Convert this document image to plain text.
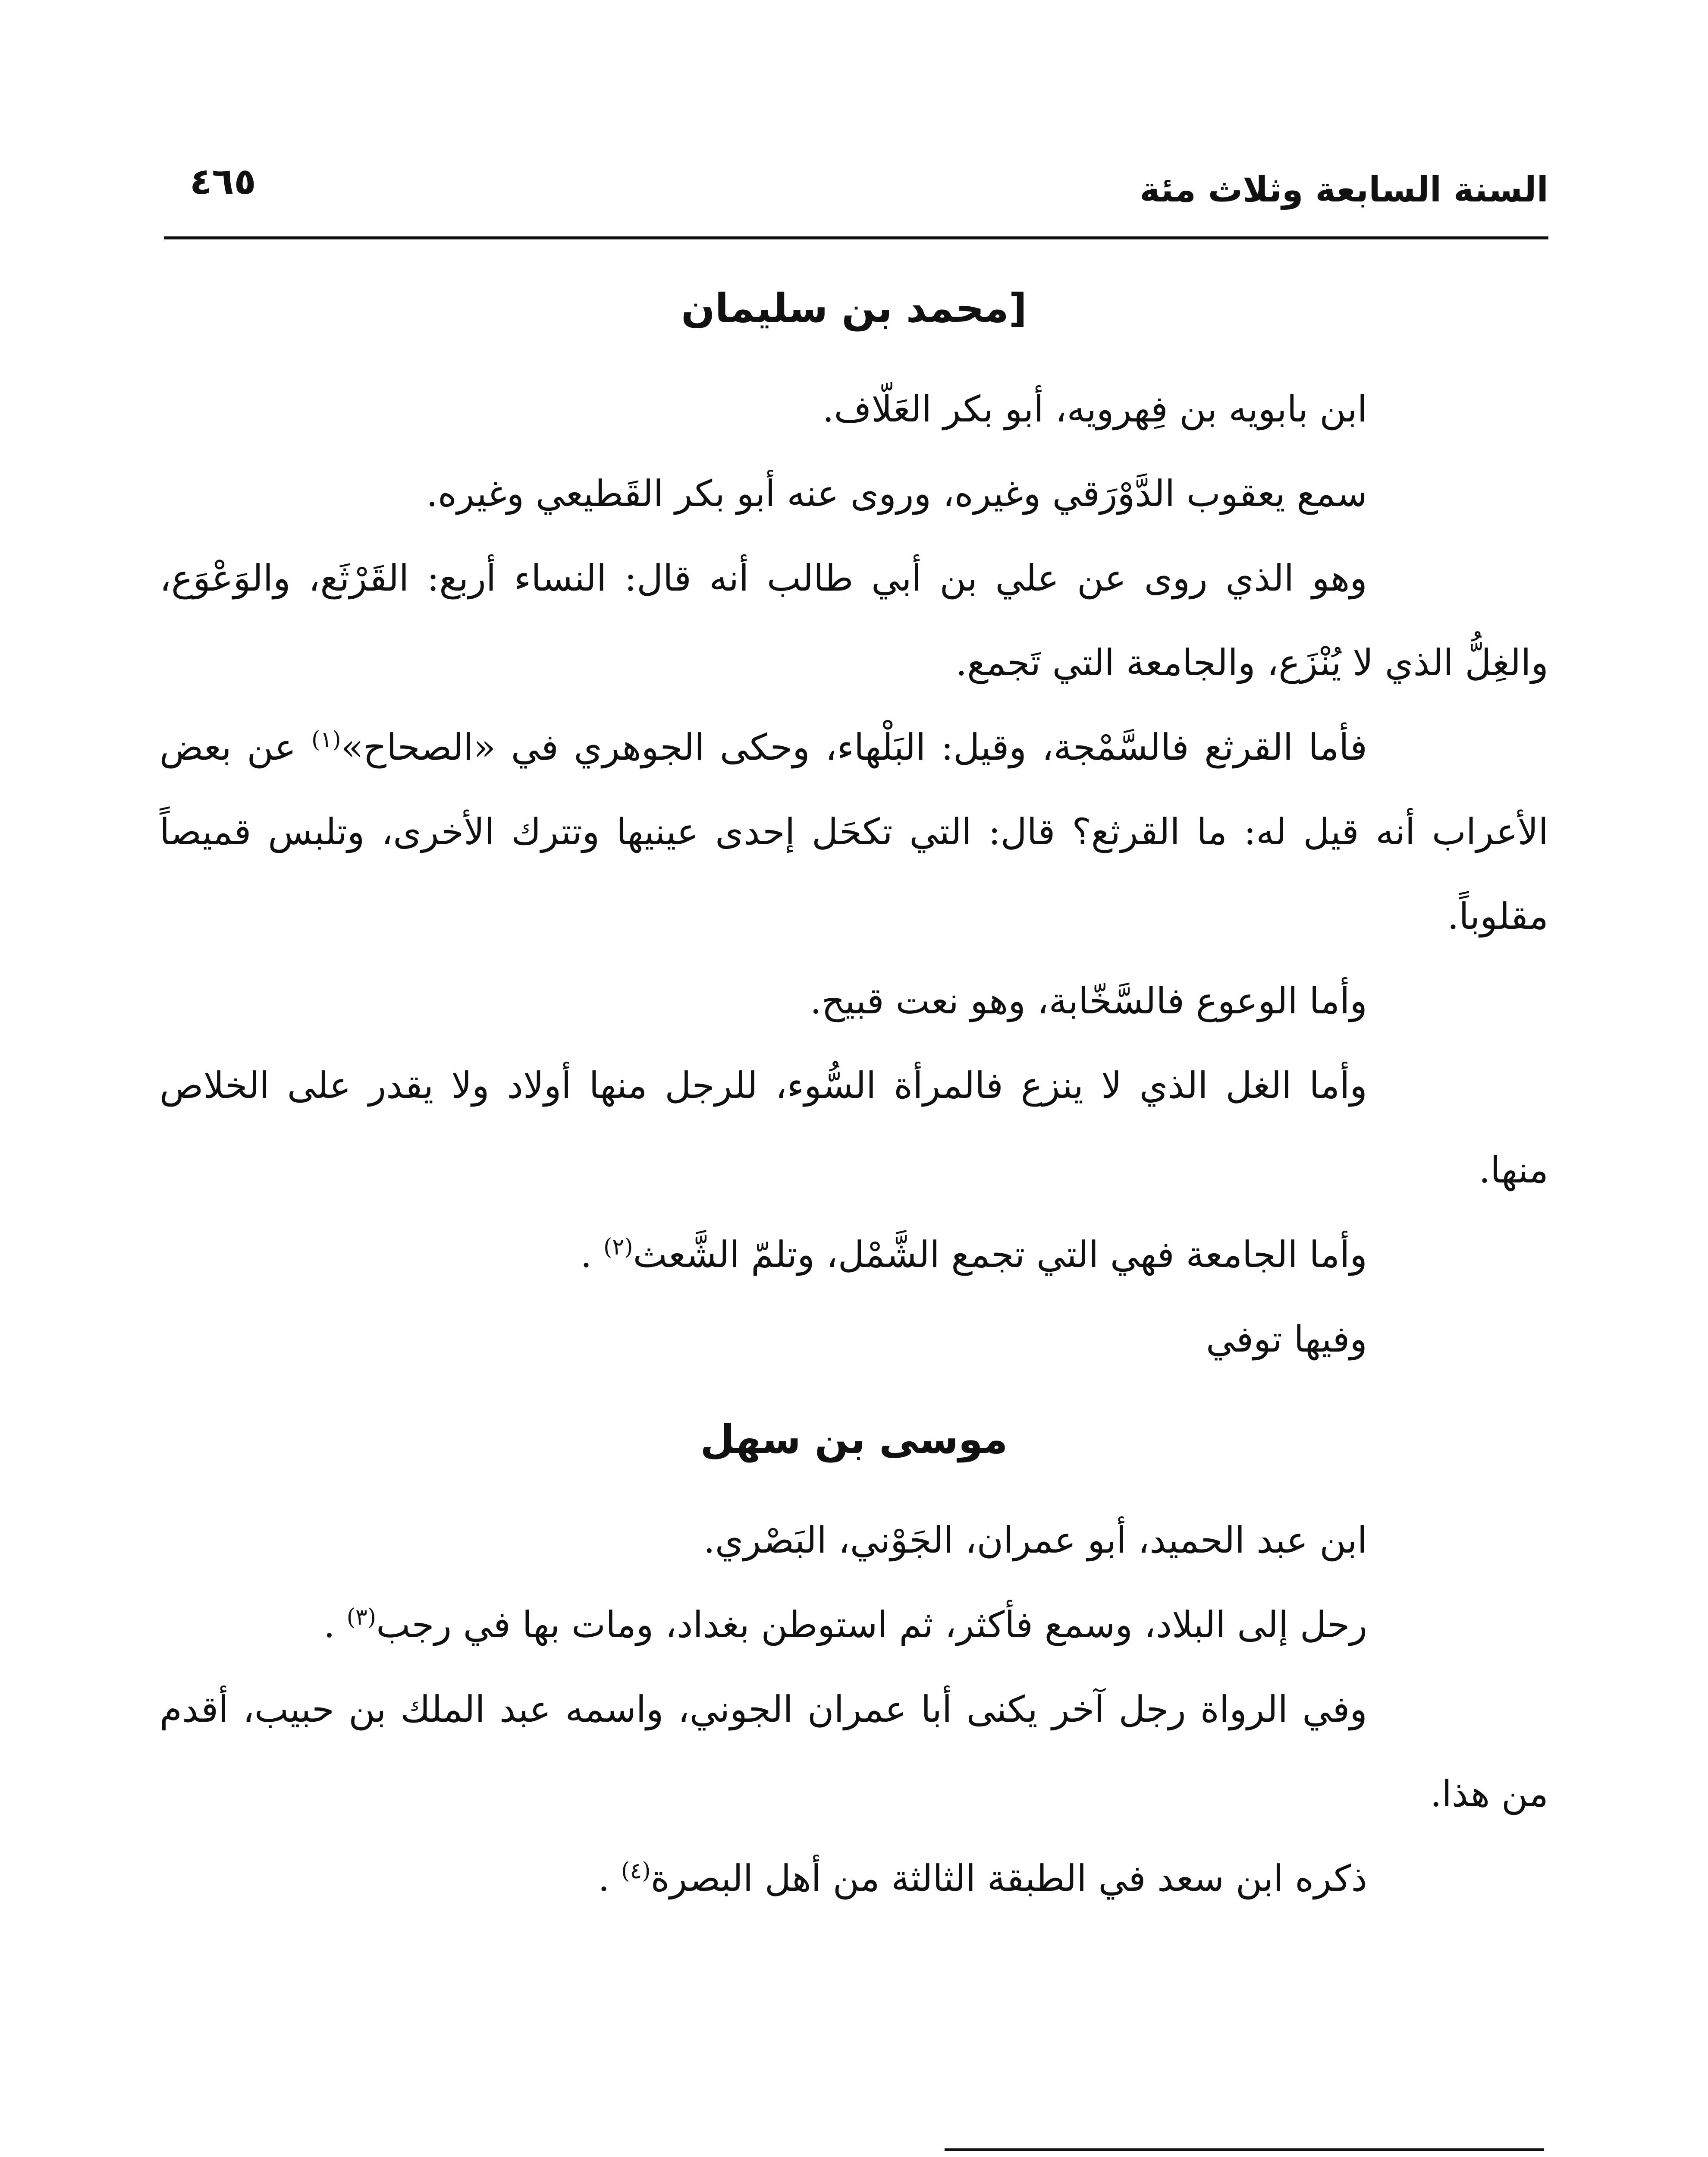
السنة السابعة وثلاث مئة
٤٦٥
[محمد بن سليمان

ابن بابويه بن فِهرويه، أبو بكر العَلّاف.

سمع يعقوب الدَّوْرَقي وغيره، وروى عنه أبو بكر القَطيعي وغيره.

وهو الذي روى عن علي بن أبي طالب أنه قال: النساء أربع: القَرْثَع، والوَعْوَع، والغِلُّ الذي لا يُنْزَع، والجامعة التي تَجمع.

فأما القرثع فالسَّمْجة، وقيل: البَلْهاء، وحكى الجوهري في «الصحاح»$^{(١)}$ عن بعض الأعراب أنه قيل له: ما القرثع؟ قال: التي تكحَل إحدى عينيها وتترك الأخرى، وتلبس قميصاً مقلوباً.

وأما الوعوع فالسَّخّابة، وهو نعت قبيح.

وأما الغل الذي لا ينزع فالمرأة السُّوء، للرجل منها أولاد ولا يقدر على الخلاص منها.

وأما الجامعة فهي التي تجمع الشَّمْل، وتلمّ الشَّعث$^{(٢)}$ .

وفيها توفي

موسى بن سهل

ابن عبد الحميد، أبو عمران، الجَوْني، البَصْري.

رحل إلى البلاد، وسمع فأكثر، ثم استوطن بغداد، ومات بها في رجب$^{(٣)}$ .

وفي الرواة رجل آخر يكنى أبا عمران الجوني، واسمه عبد الملك بن حبيب، أقدم من هذا.

ذكره ابن سعد في الطبقة الثالثة من أهل البصرة$^{(٤)}$ .
